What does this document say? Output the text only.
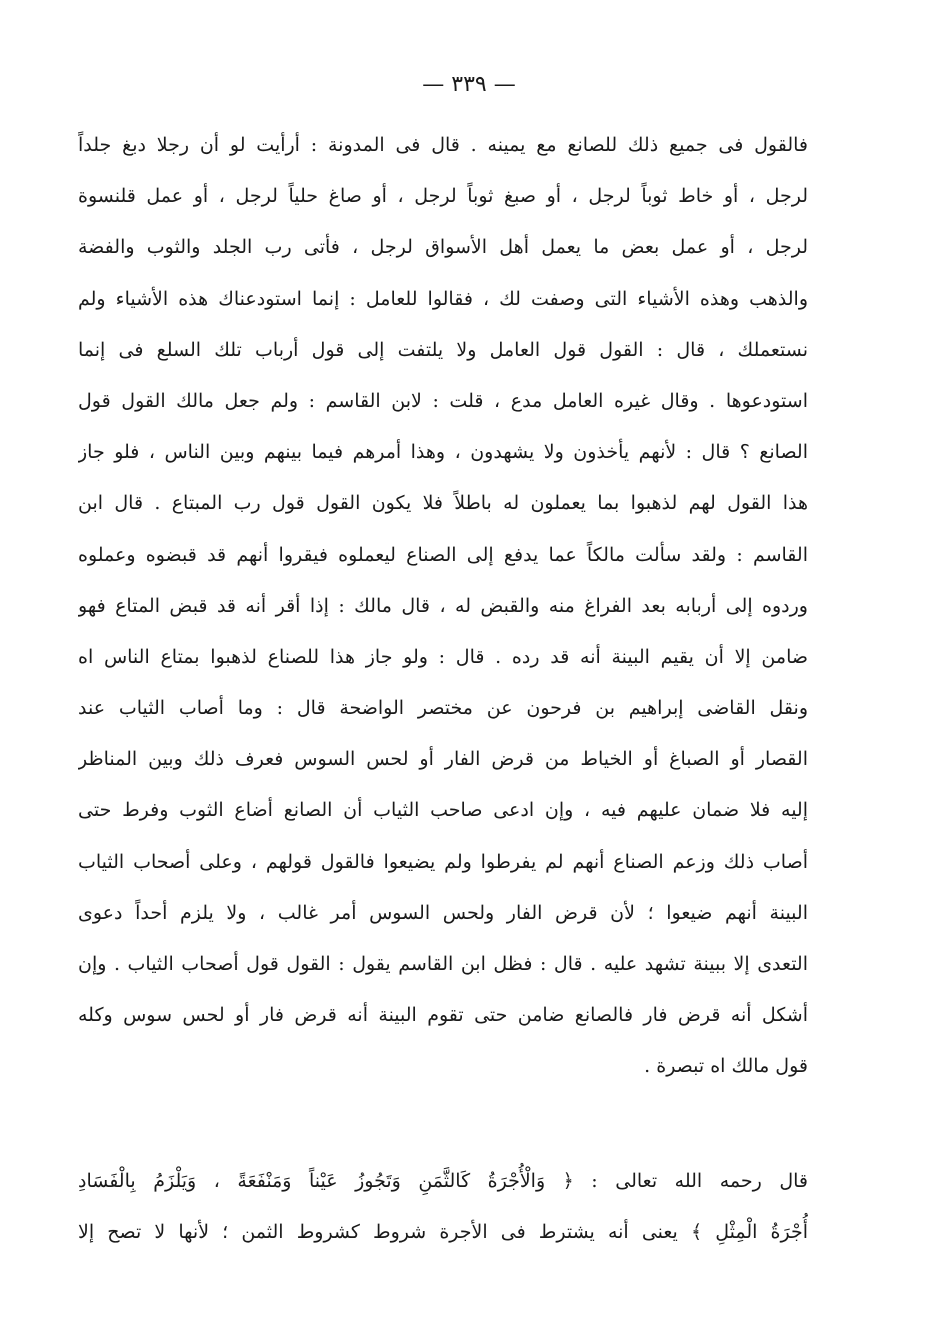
— ٣٣٩ —
فالقول فى جميع ذلك للصانع مع يمينه . قال فى المدونة : أرأيت لو أن رجلا دبغ جلداً
لرجل ، أو خاط ثوباً لرجل ، أو صبغ ثوباً لرجل ، أو صاغ حلياً لرجل ، أو عمل قلنسوة
لرجل ، أو عمل بعض ما يعمل أهل الأسواق لرجل ، فأتى رب الجلد والثوب والفضة
والذهب وهذه الأشياء التى وصفت لك ، فقالوا للعامل : إنما استودعناك هذه الأشياء ولم
نستعملك ، قال : القول قول العامل ولا يلتفت إلى قول أرباب تلك السلع فى إنما
استودعوها . وقال غيره العامل مدع ، قلت : لابن القاسم : ولم جعل مالك القول قول
الصانع ؟ قال : لأنهم يأخذون ولا يشهدون ، وهذا أمرهم فيما بينهم وبين الناس ، فلو جاز
هذا القول لهم لذهبوا بما يعملون له باطلاً فلا يكون القول قول رب المبتاع . قال ابن
القاسم : ولقد سألت مالكاً عما يدفع إلى الصناع ليعملوه فيقروا أنهم قد قبضوه وعملوه
وردوه إلى أربابه بعد الفراغ منه والقبض له ، قال مالك : إذا أقر أنه قد قبض المتاع فهو
ضامن إلا أن يقيم البينة أنه قد رده . قال : ولو جاز هذا للصناع لذهبوا بمتاع الناس اه
ونقل القاضى إبراهيم بن فرحون عن مختصر الواضحة قال : وما أصاب الثياب عند
القصار أو الصباغ أو الخياط من قرض الفار أو لحس السوس فعرف ذلك وبين المناظر
إليه فلا ضمان عليهم فيه ، وإن ادعى صاحب الثياب أن الصانع أضاع الثوب وفرط حتى
أصاب ذلك وزعم الصناع أنهم لم يفرطوا ولم يضيعوا فالقول قولهم ، وعلى أصحاب الثياب
البينة أنهم ضيعوا ؛ لأن قرض الفار ولحس السوس أمر غالب ، ولا يلزم أحداً دعوى
التعدى إلا ببينة تشهد عليه . قال : فظل ابن القاسم يقول : القول قول أصحاب الثياب . وإن
أشكل أنه قرض فار فالصانع ضامن حتى تقوم البينة أنه قرض فار أو لحس سوس وكله
قول مالك اه تبصرة .
قال رحمه الله تعالى : ﴿ وَالْأُجْرَةُ كَالثَّمَنِ وَتَجُوزُ عَيْناً وَمَنْفَعَةً ، وَيَلْزَمُ بِالْفَسَادِ
أُجْرَةُ الْمِثْلِ ﴾ يعنى أنه يشترط فى الأجرة شروط كشروط الثمن ؛ لأنها لا تصح إلا
